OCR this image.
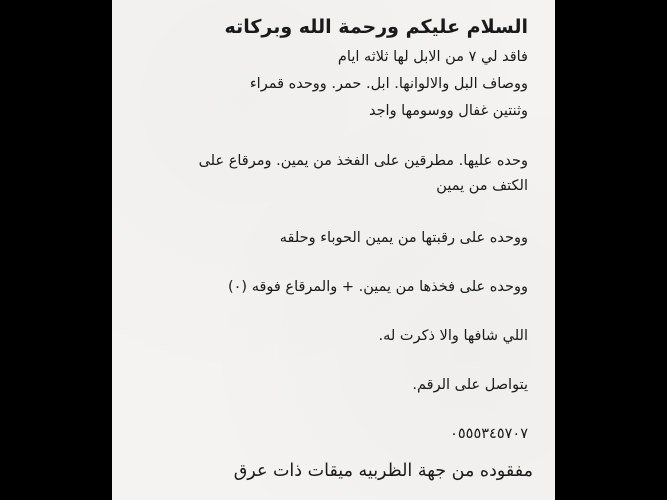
السلام عليكم ورحمة الله وبركاته
فاقد لي ٧ من الابل لها ثلاثه ايام
ووصاف البل والالوانها. ابل. حمر. ووحده قمراء
وثنتين غفال ووسومها واجد
وحده عليها. مطرقين على الفخذ من يمين. ومرقاع على
الكتف من يمين
ووحده على رقبتها من يمين الحوباء وحلقه
ووحده على فخذها من يمين. + والمرقاع فوقه (٠)
اللي شافها والا ذكرت له.
يتواصل على الرقم.
٠٥٥٥٣٤٥٧٠٧
مفقوده من جهة الظربيه ميقات ذات عرق
